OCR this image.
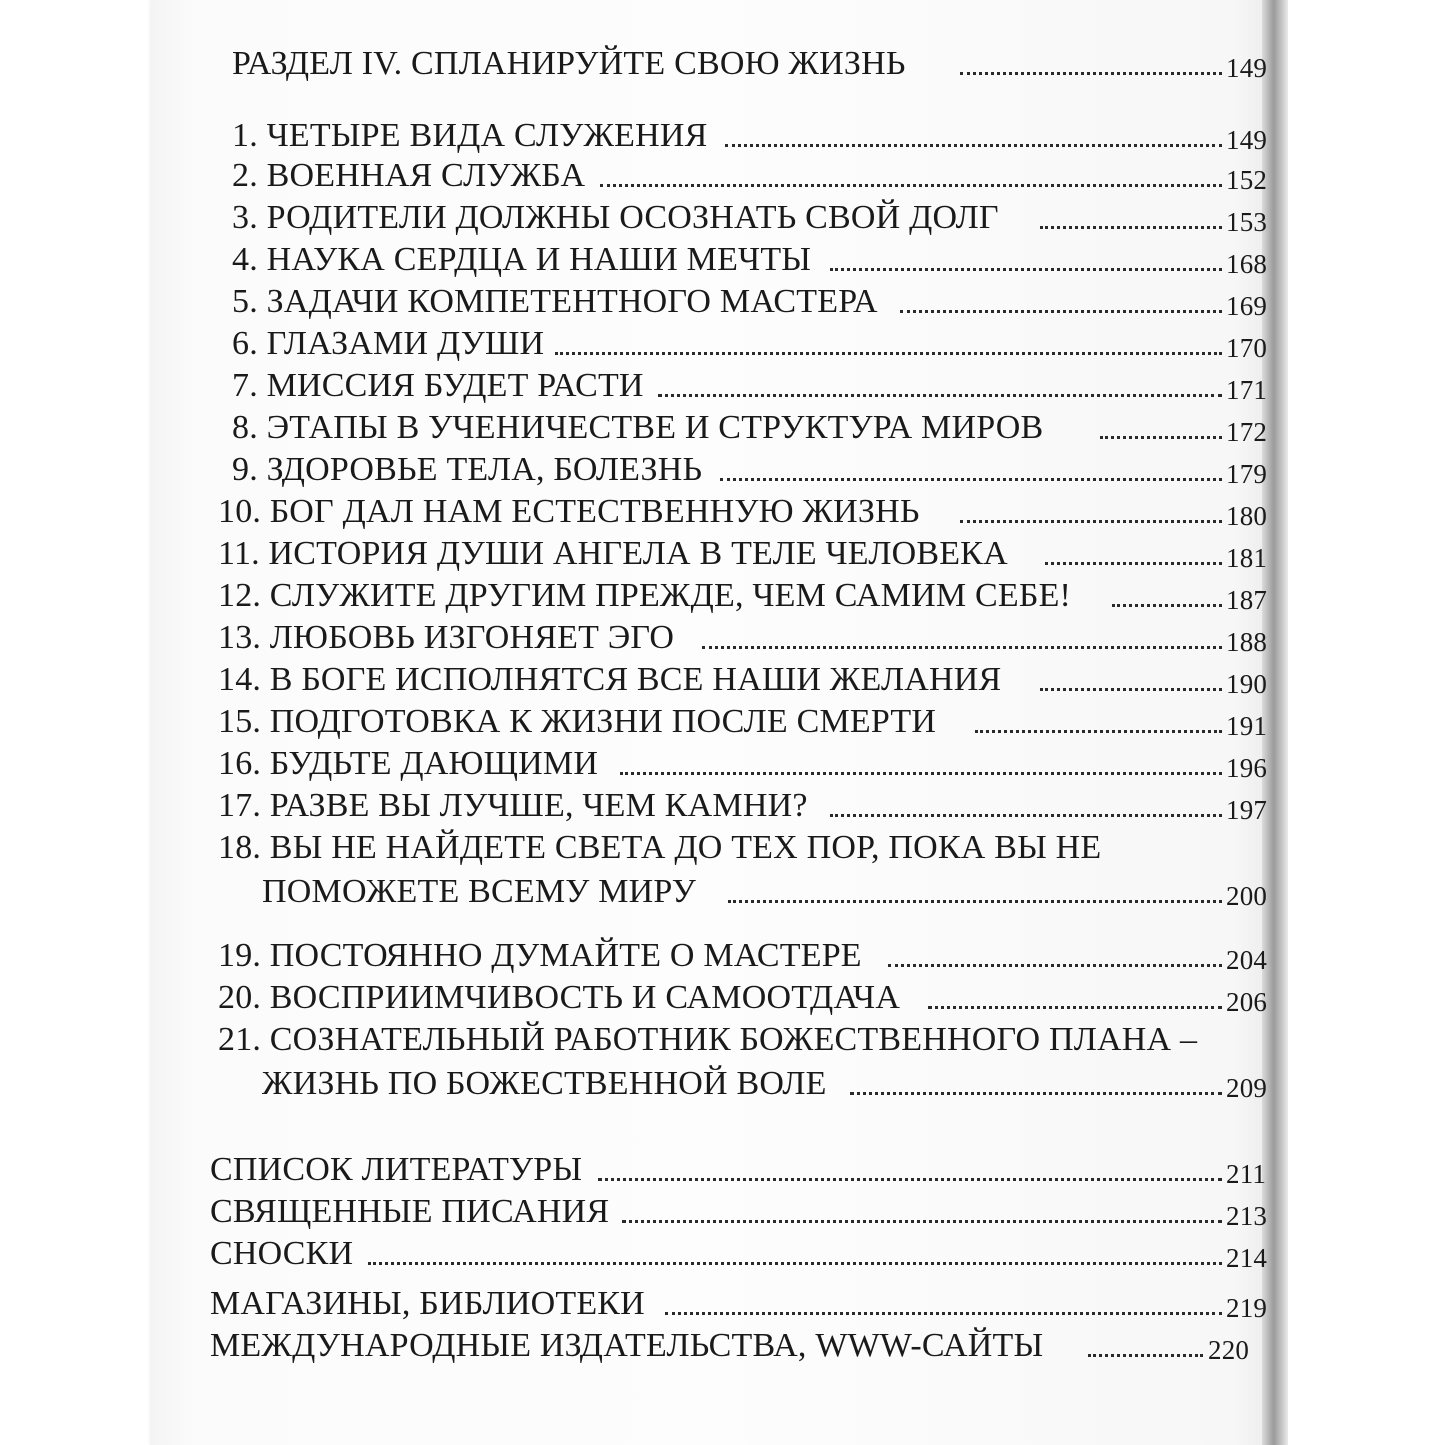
РАЗДЕЛ IV. СПЛАНИРУЙТЕ СВОЮ ЖИЗНЬ	149
1. ЧЕТЫРЕ ВИДА СЛУЖЕНИЯ	149
2. ВОЕННАЯ СЛУЖБА	152
3. РОДИТЕЛИ ДОЛЖНЫ ОСОЗНАТЬ СВОЙ ДОЛГ	153
4. НАУКА СЕРДЦА И НАШИ МЕЧТЫ	168
5. ЗАДАЧИ КОМПЕТЕНТНОГО МАСТЕРА	169
6. ГЛАЗАМИ ДУШИ	170
7. МИССИЯ БУДЕТ РАСТИ	171
8. ЭТАПЫ В УЧЕНИЧЕСТВЕ И СТРУКТУРА МИРОВ	172
9. ЗДОРОВЬЕ ТЕЛА, БОЛЕЗНЬ	179
10. БОГ ДАЛ НАМ ЕСТЕСТВЕННУЮ ЖИЗНЬ	180
11. ИСТОРИЯ ДУШИ АНГЕЛА В ТЕЛЕ ЧЕЛОВЕКА	181
12. СЛУЖИТЕ ДРУГИМ ПРЕЖДЕ, ЧЕМ САМИМ СЕБЕ!	187
13. ЛЮБОВЬ ИЗГОНЯЕТ ЭГО	188
14. В БОГЕ ИСПОЛНЯТСЯ ВСЕ НАШИ ЖЕЛАНИЯ	190
15. ПОДГОТОВКА К ЖИЗНИ ПОСЛЕ СМЕРТИ	191
16. БУДЬТЕ ДАЮЩИМИ	196
17. РАЗВЕ ВЫ ЛУЧШЕ, ЧЕМ КАМНИ?	197
18. ВЫ НЕ НАЙДЕТЕ СВЕТА ДО ТЕХ ПОР, ПОКА ВЫ НЕ
ПОМОЖЕТЕ ВСЕМУ МИРУ	200
19. ПОСТОЯННО ДУМАЙТЕ О МАСТЕРЕ	204
20. ВОСПРИИМЧИВОСТЬ И САМООТДАЧА	206
21. СОЗНАТЕЛЬНЫЙ РАБОТНИК БОЖЕСТВЕННОГО ПЛАНА –
ЖИЗНЬ ПО БОЖЕСТВЕННОЙ ВОЛЕ	209
СПИСОК ЛИТЕРАТУРЫ	211
СВЯЩЕННЫЕ ПИСАНИЯ	213
СНОСКИ	214
МАГАЗИНЫ, БИБЛИОТЕКИ	219
МЕЖДУНАРОДНЫЕ ИЗДАТЕЛЬСТВА, WWW-САЙТЫ	220
